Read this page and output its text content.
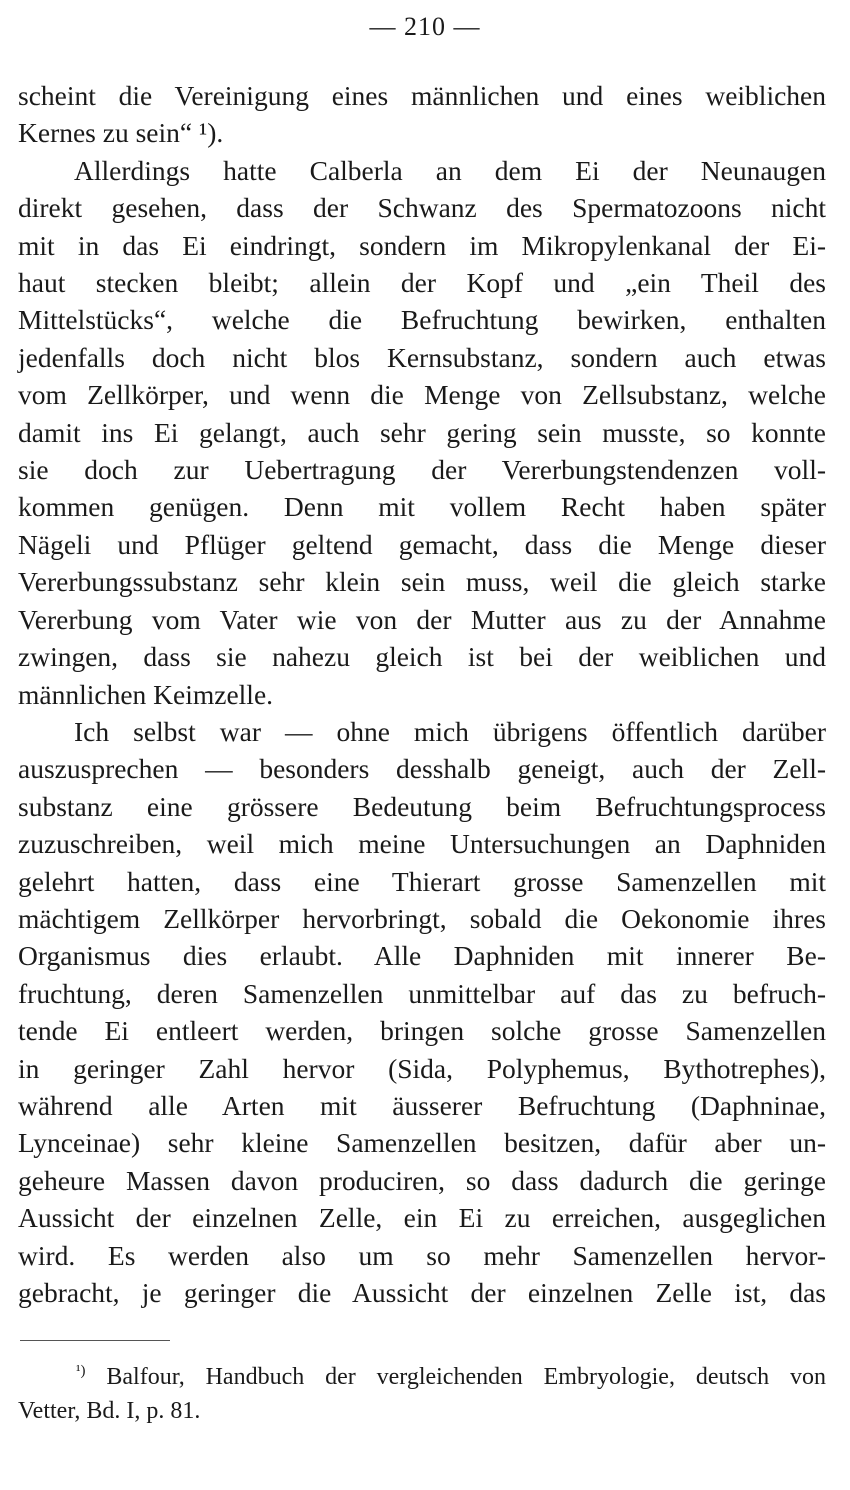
— 210 —
scheint die Vereinigung eines männlichen und eines weiblichen
Kernes zu sein“ ¹).
Allerdings hatte Calberla an dem Ei der Neunaugen
direkt gesehen, dass der Schwanz des Spermatozoons nicht
mit in das Ei eindringt, sondern im Mikropylenkanal der Ei-
haut stecken bleibt; allein der Kopf und „ein Theil des
Mittelstücks“, welche die Befruchtung bewirken, enthalten
jedenfalls doch nicht blos Kernsubstanz, sondern auch etwas
vom Zellkörper, und wenn die Menge von Zellsubstanz, welche
damit ins Ei gelangt, auch sehr gering sein musste, so konnte
sie doch zur Uebertragung der Vererbungstendenzen voll-
kommen genügen. Denn mit vollem Recht haben später
Nägeli und Pflüger geltend gemacht, dass die Menge dieser
Vererbungssubstanz sehr klein sein muss, weil die gleich starke
Vererbung vom Vater wie von der Mutter aus zu der Annahme
zwingen, dass sie nahezu gleich ist bei der weiblichen und
männlichen Keimzelle.
Ich selbst war — ohne mich übrigens öffentlich darüber
auszusprechen — besonders desshalb geneigt, auch der Zell-
substanz eine grössere Bedeutung beim Befruchtungsprocess
zuzuschreiben, weil mich meine Untersuchungen an Daphniden
gelehrt hatten, dass eine Thierart grosse Samenzellen mit
mächtigem Zellkörper hervorbringt, sobald die Oekonomie ihres
Organismus dies erlaubt. Alle Daphniden mit innerer Be-
fruchtung, deren Samenzellen unmittelbar auf das zu befruch-
tende Ei entleert werden, bringen solche grosse Samenzellen
in geringer Zahl hervor (Sida, Polyphemus, Bythotrephes),
während alle Arten mit äusserer Befruchtung (Daphninae,
Lynceinae) sehr kleine Samenzellen besitzen, dafür aber un-
geheure Massen davon produciren, so dass dadurch die geringe
Aussicht der einzelnen Zelle, ein Ei zu erreichen, ausgeglichen
wird. Es werden also um so mehr Samenzellen hervor-
gebracht, je geringer die Aussicht der einzelnen Zelle ist, das
$^{^1)}$ Balfour, Handbuch der vergleichenden Embryologie, deutsch von
Vetter, Bd. I, p. 81.
